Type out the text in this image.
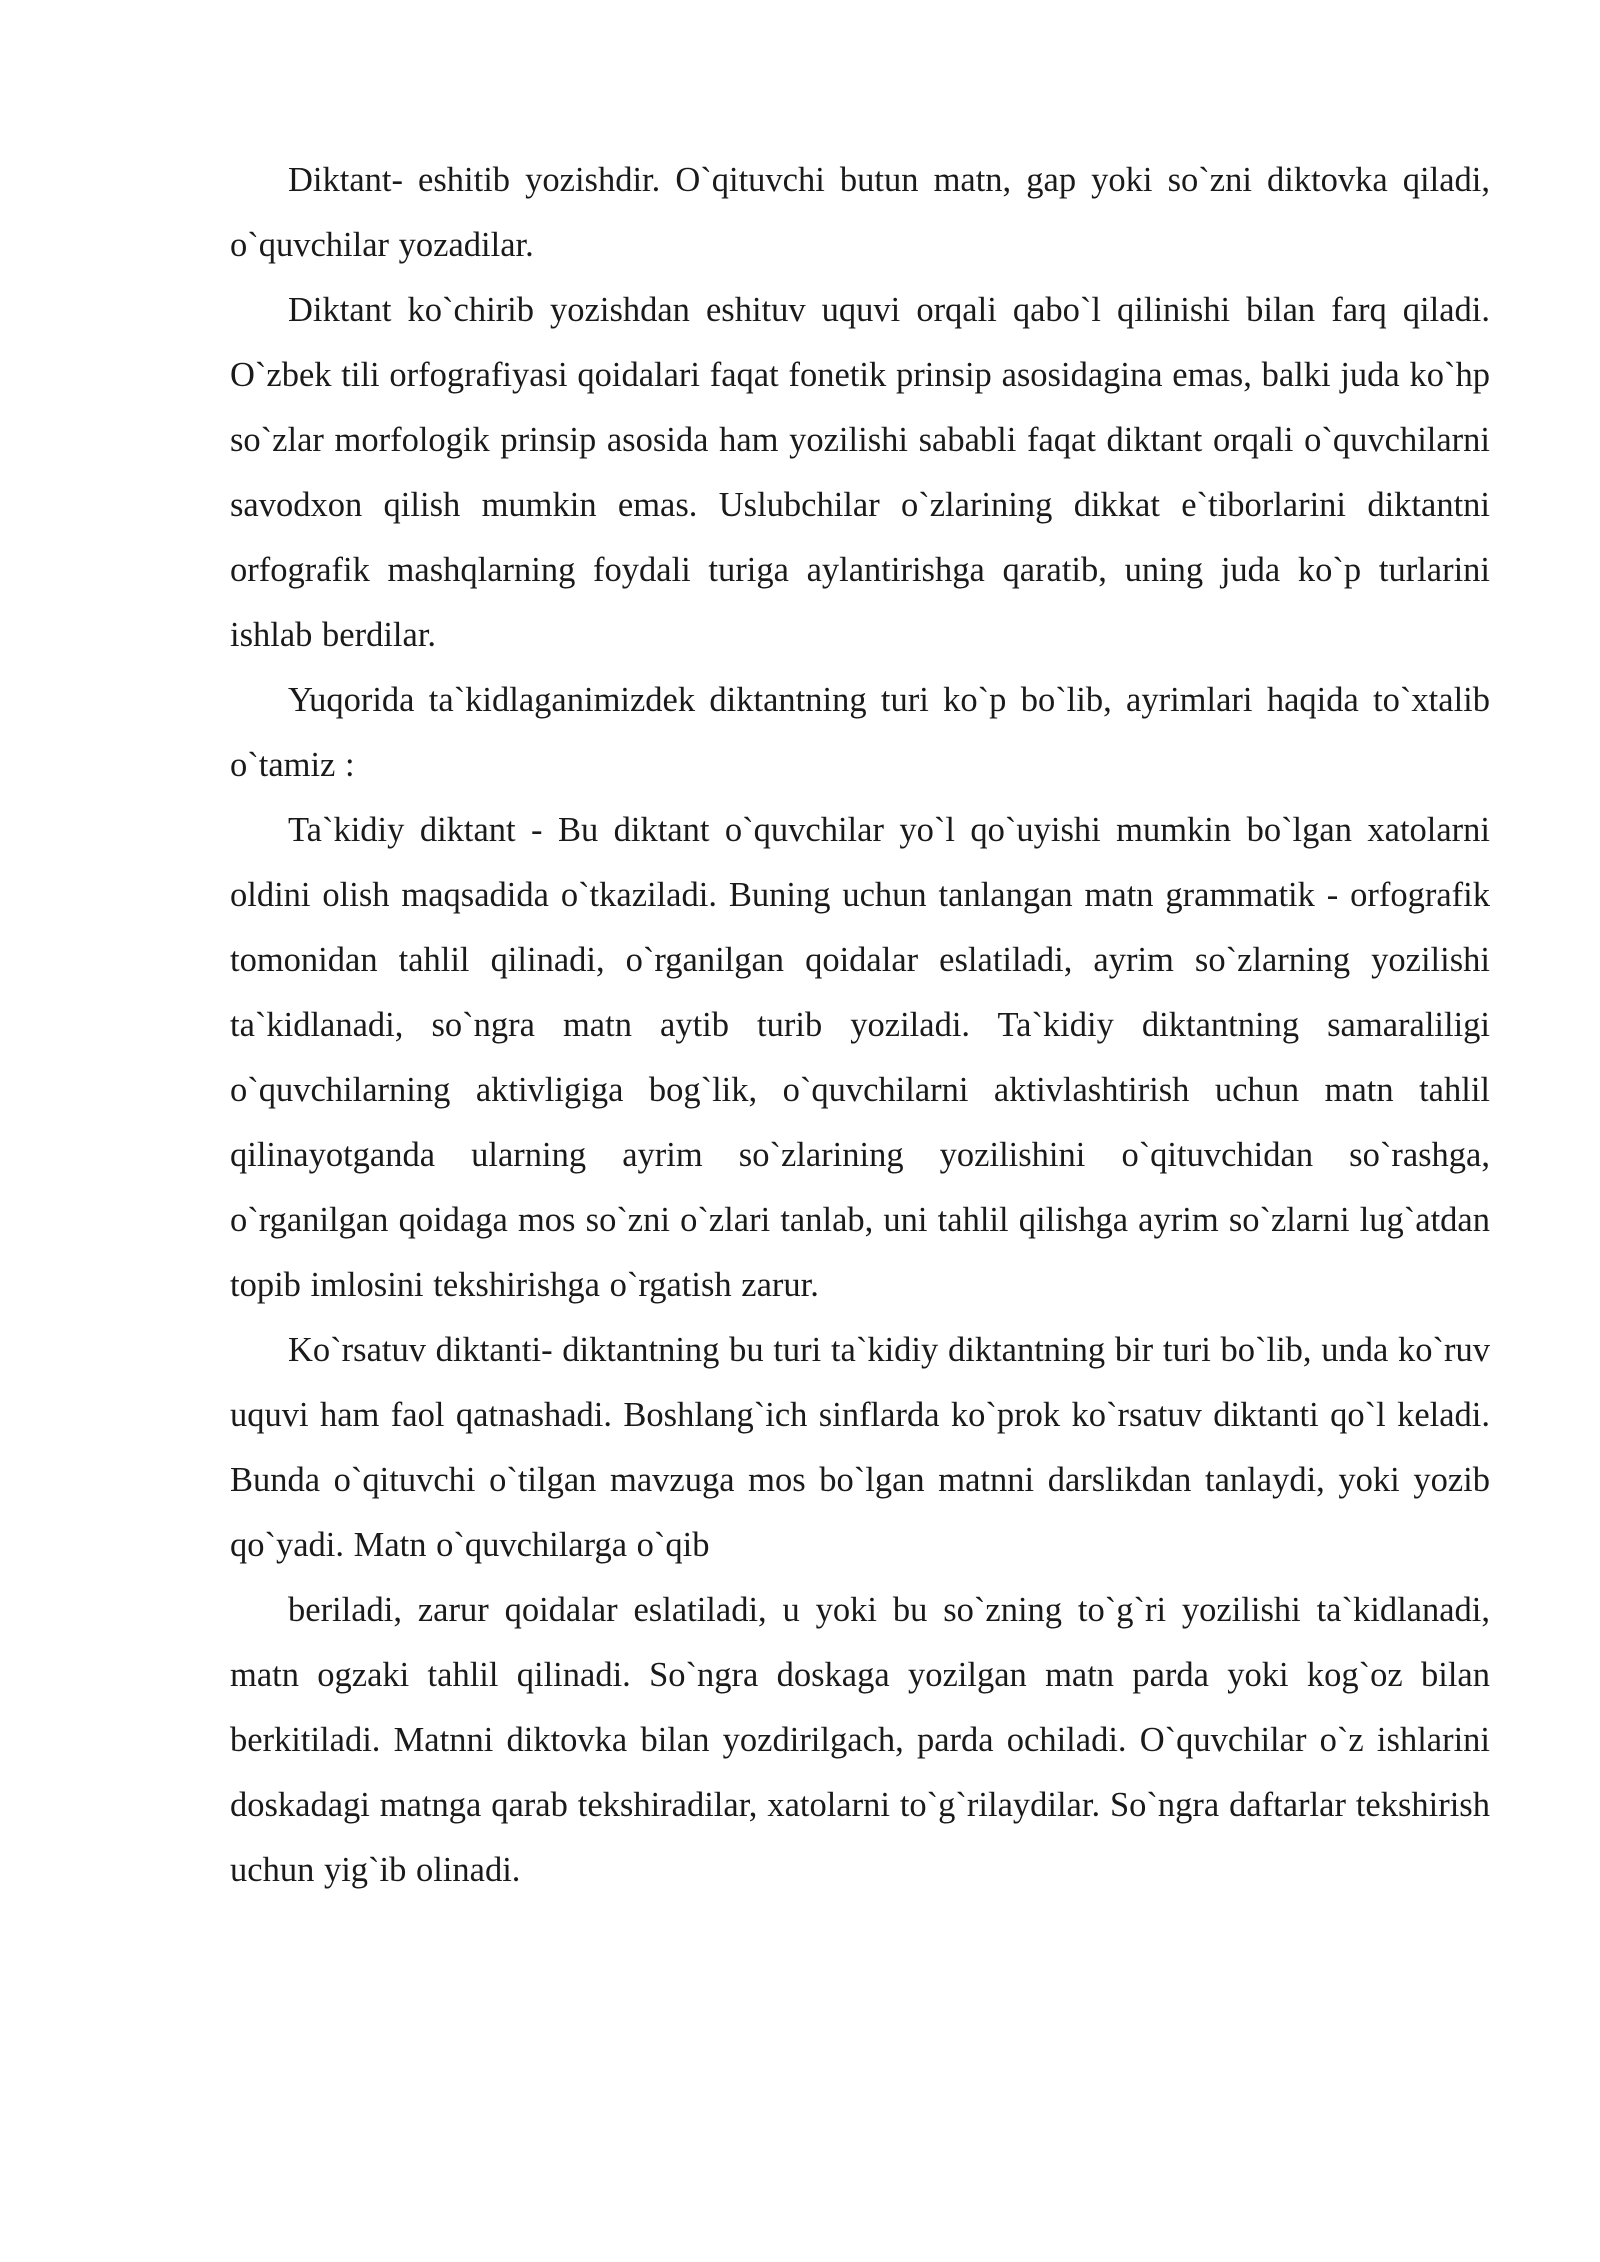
Diktant- eshitib yozishdir. O`qituvchi butun matn, gap yoki so`zni diktovka qiladi, o`quvchilar yozadilar.

Diktant ko`chirib yozishdan eshituv uquvi orqali qabo`l qilinishi bilan farq qiladi. O`zbek tili orfografiyasi qoidalari faqat fonetik prinsip asosidagina emas, balki juda ko`hp so`zlar morfologik prinsip asosida ham yozilishi sababli faqat diktant orqali o`quvchilarni savodxon qilish mumkin emas. Uslubchilar o`zlarining dikkat e`tiborlarini diktantni orfografik mashqlarning foydali turiga aylantirishga qaratib, uning juda ko`p turlarini ishlab berdilar.

Yuqorida ta`kidlaganimizdek diktantning turi ko`p bo`lib, ayrimlari haqida to`xtalib o`tamiz :

Ta`kidiy diktant - Bu diktant o`quvchilar yo`l qo`uyishi mumkin bo`lgan xatolarni oldini olish maqsadida o`tkaziladi. Buning uchun tanlangan matn grammatik - orfografik tomonidan tahlil qilinadi, o`rganilgan qoidalar eslatiladi, ayrim so`zlarning yozilishi ta`kidlanadi, so`ngra matn aytib turib yoziladi. Ta`kidiy diktantning samaraliligi o`quvchilarning aktivligiga bog`lik, o`quvchilarni aktivlashtirish uchun matn tahlil qilinayotganda ularning ayrim so`zlarining yozilishini o`qituvchidan so`rashga, o`rganilgan qoidaga mos so`zni o`zlari tanlab, uni tahlil qilishga ayrim so`zlarni lug`atdan topib imlosini tekshirishga o`rgatish zarur.

Ko`rsatuv diktanti- diktantning bu turi ta`kidiy diktantning bir turi bo`lib, unda ko`ruv uquvi ham faol qatnashadi. Boshlang`ich sinflarda ko`prok ko`rsatuv diktanti qo`l keladi. Bunda o`qituvchi o`tilgan mavzuga mos bo`lgan matnni darslikdan tanlaydi, yoki yozib qo`yadi. Matn o`quvchilarga o`qib

beriladi, zarur qoidalar eslatiladi, u yoki bu so`zning to`g`ri yozilishi ta`kidlanadi, matn ogzaki tahlil qilinadi. So`ngra doskaga yozilgan matn parda yoki kog`oz bilan berkitiladi. Matnni diktovka bilan yozdirilgach, parda ochiladi. O`quvchilar o`z ishlarini doskadagi matnga qarab tekshiradilar, xatolarni to`g`rilaydilar. So`ngra daftarlar tekshirish uchun yig`ib olinadi.
